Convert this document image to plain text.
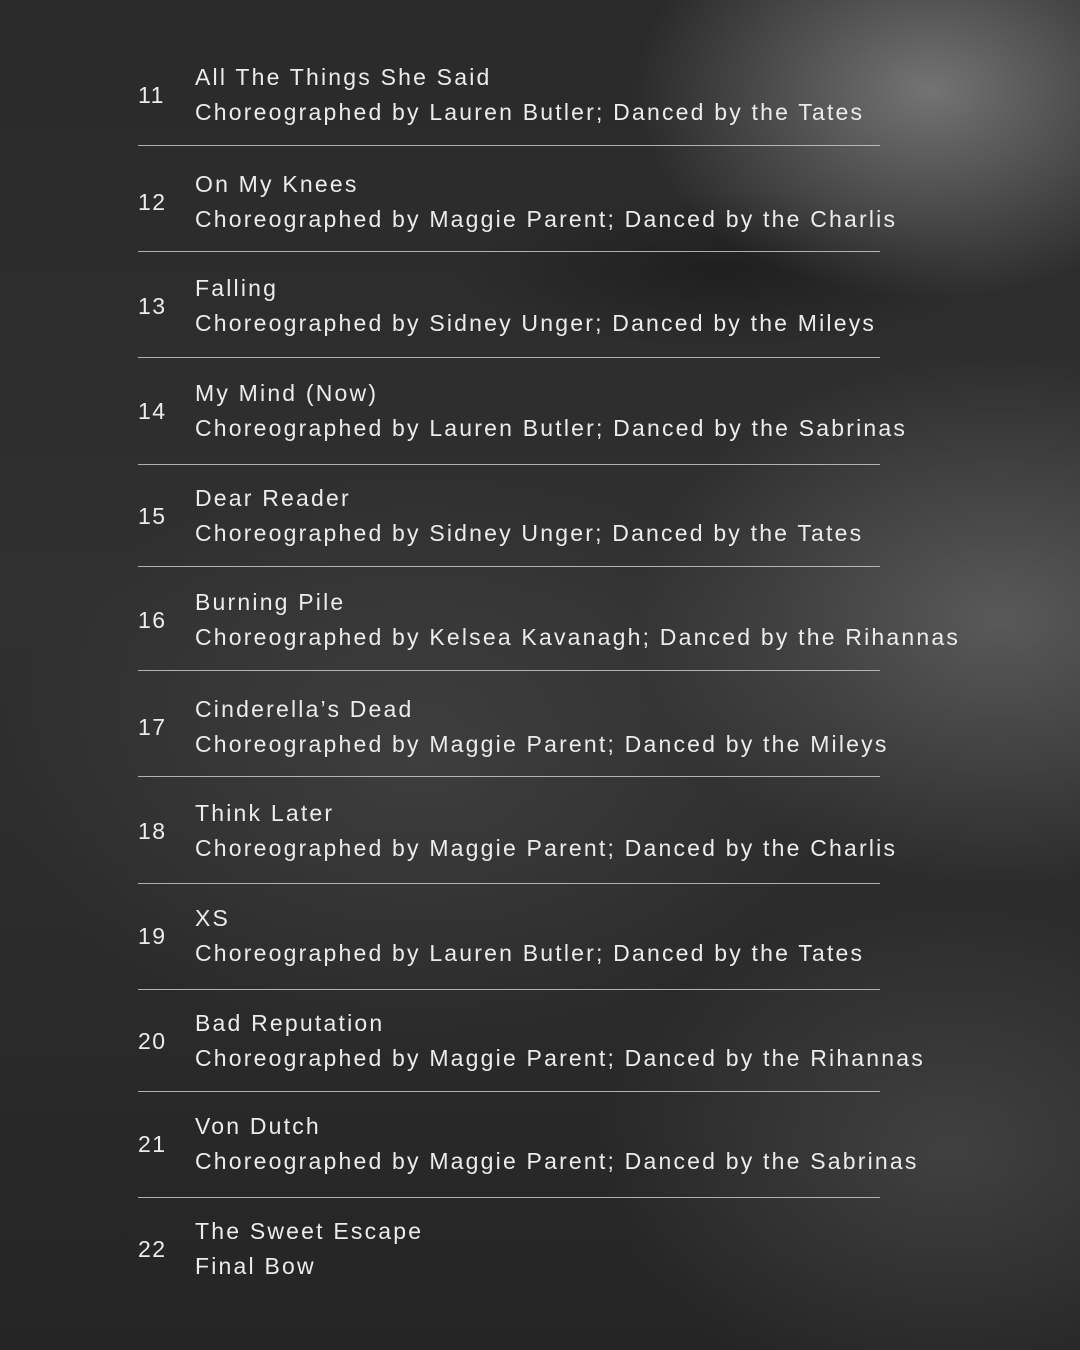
11
All The Things She Said
Choreographed by Lauren Butler; Danced by the Tates
12
On My Knees
Choreographed by Maggie Parent; Danced by the Charlis
13
Falling
Choreographed by Sidney Unger; Danced by the Mileys
14
My Mind (Now)
Choreographed by Lauren Butler; Danced by the Sabrinas
15
Dear Reader
Choreographed by Sidney Unger; Danced by the Tates
16
Burning Pile
Choreographed by Kelsea Kavanagh; Danced by the Rihannas
17
Cinderella’s Dead
Choreographed by Maggie Parent; Danced by the Mileys
18
Think Later
Choreographed by Maggie Parent; Danced by the Charlis
19
XS
Choreographed by Lauren Butler; Danced by the Tates
20
Bad Reputation
Choreographed by Maggie Parent; Danced by the Rihannas
21
Von Dutch
Choreographed by Maggie Parent; Danced by the Sabrinas
22
The Sweet Escape
Final Bow
